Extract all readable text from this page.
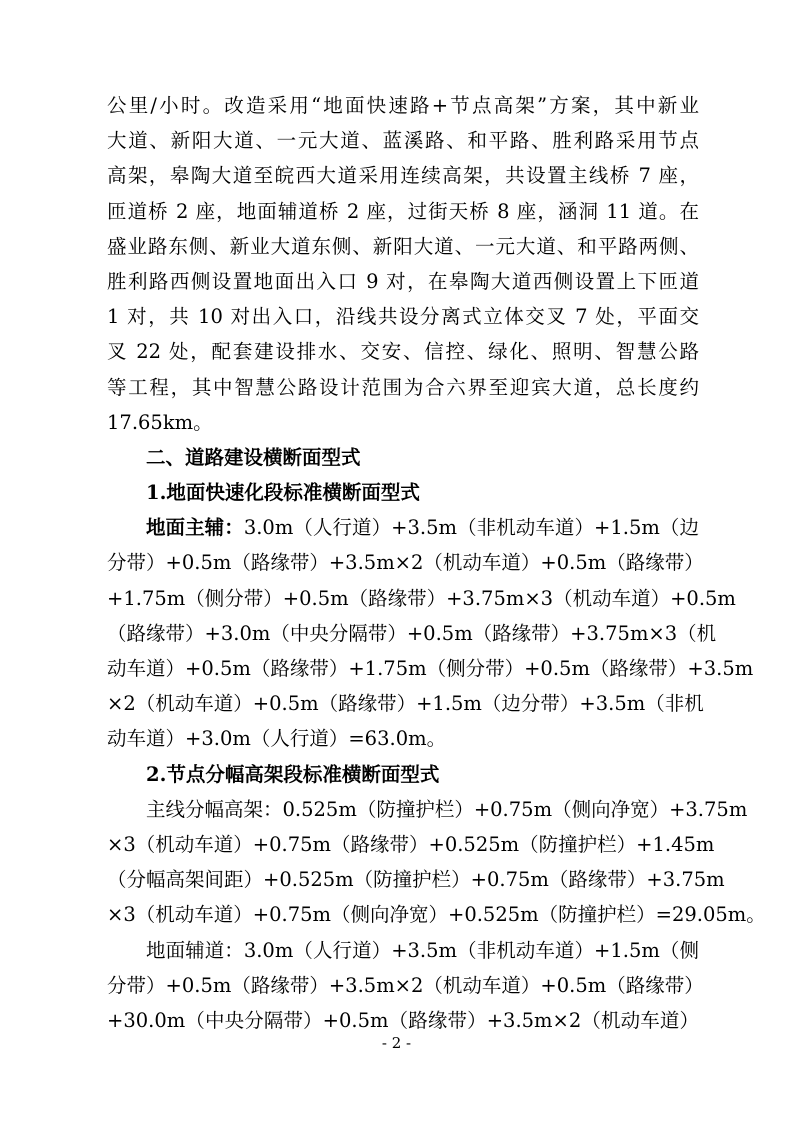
公里/小时。改造采用“地面快速路+节点高架”方案，其中新业
大道、新阳大道、一元大道、蓝溪路、和平路、胜利路采用节点
高架，皋陶大道至皖西大道采用连续高架，共设置主线桥 7 座，
匝道桥 2 座，地面辅道桥 2 座，过街天桥 8 座，涵洞 11 道。在
盛业路东侧、新业大道东侧、新阳大道、一元大道、和平路两侧、
胜利路西侧设置地面出入口 9 对，在皋陶大道西侧设置上下匝道
1 对，共 10 对出入口，沿线共设分离式立体交叉 7 处，平面交
叉 22 处，配套建设排水、交安、信控、绿化、照明、智慧公路
等工程，其中智慧公路设计范围为合六界至迎宾大道，总长度约
17.65km。
二、道路建设横断面型式
1.地面快速化段标准横断面型式
地面主辅：3.0m（人行道）+3.5m（非机动车道）+1.5m（边
分带）+0.5m（路缘带）+3.5m×2（机动车道）+0.5m（路缘带）
+1.75m（侧分带）+0.5m（路缘带）+3.75m×3（机动车道）+0.5m
（路缘带）+3.0m（中央分隔带）+0.5m（路缘带）+3.75m×3（机
动车道）+0.5m（路缘带）+1.75m（侧分带）+0.5m（路缘带）+3.5m
×2（机动车道）+0.5m（路缘带）+1.5m（边分带）+3.5m（非机
动车道）+3.0m（人行道）=63.0m。
2.节点分幅高架段标准横断面型式
主线分幅高架：0.525m（防撞护栏）+0.75m（侧向净宽）+3.75m
×3（机动车道）+0.75m（路缘带）+0.525m（防撞护栏）+1.45m
（分幅高架间距）+0.525m（防撞护栏）+0.75m（路缘带）+3.75m
×3（机动车道）+0.75m（侧向净宽）+0.525m（防撞护栏）=29.05m。
地面辅道：3.0m（人行道）+3.5m（非机动车道）+1.5m（侧
分带）+0.5m（路缘带）+3.5m×2（机动车道）+0.5m（路缘带）
+30.0m（中央分隔带）+0.5m（路缘带）+3.5m×2（机动车道）
- 2 -
